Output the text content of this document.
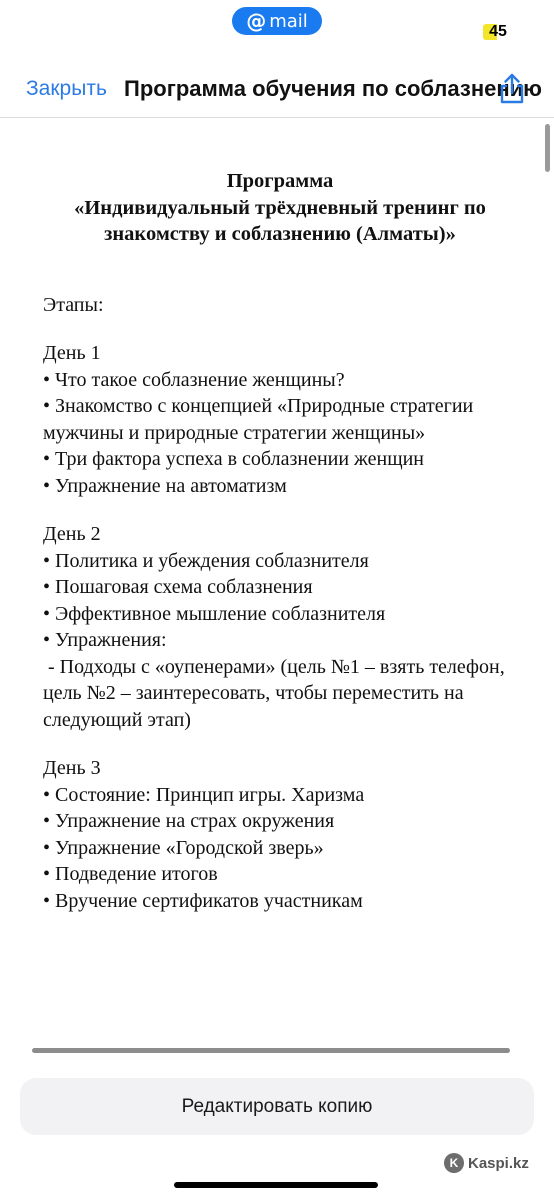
@ mail	45
Закрыть Программа обучения по соблазнению

Программа

«Индивидуальный трёхдневный тренинг по знакомству и соблазнению (Алматы)»

Этапы:

День 1

• Что такое соблазнение женщины?

• Знакомство с концепцией «Природные стратегии мужчины и природные стратегии женщины»

• Три фактора успеха в соблазнении женщин

• Упражнение на автоматизм

День 2

• Политика и убеждения соблазнителя

• Пошаговая схема соблазнения

• Эффективное мышление соблазнителя

• Упражнения:

- Подходы с «оупенерами» (цель №1 – взять телефон, цель №2 – заинтересовать, чтобы переместить на следующий этап)

День 3

• Состояние: Принцип игры. Харизма

• Упражнение на страх окружения

• Упражнение «Городской зверь»

• Подведение итогов

• Вручение сертификатов участникам

Редактировать копию
K Kaspi.kz
